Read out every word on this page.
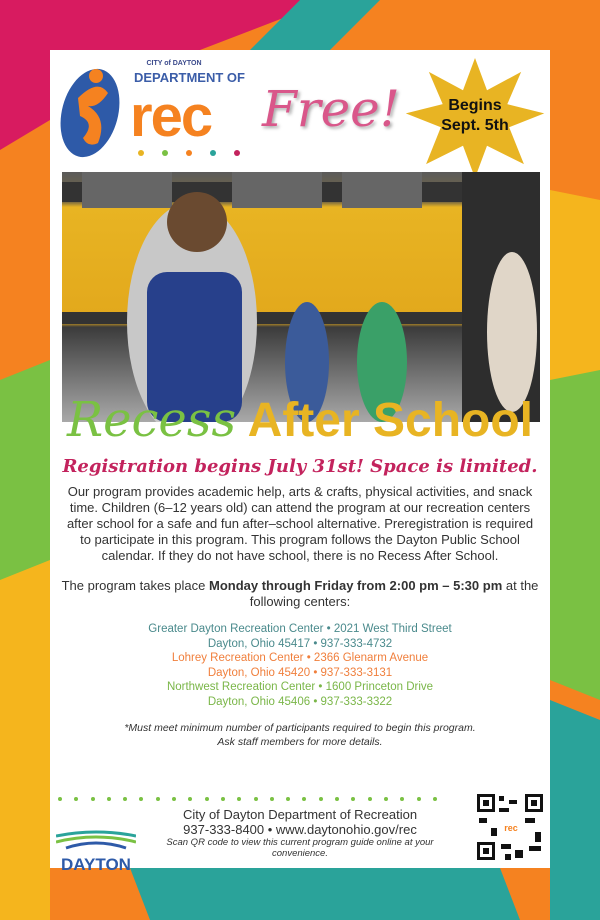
CITY of DAYTON
DEPARTMENT OF
rec Free!	Begins
Sept. 5th
Recess After School
Registration begins July 31st! Space is limited.
Our program provides academic help, arts & crafts, physical activities, and snack time. Children (6–12 years old) can attend the program at our recreation centers after school for a safe and fun after–school alternative. Preregistration is required to participate in this program. This program follows the Dayton Public School calendar. If they do not have school, there is no Recess After School.
The program takes place Monday through Friday from 2:00 pm – 5:30 pm at the following centers:
Greater Dayton Recreation Center • 2021 West Third Street
Dayton, Ohio 45417 • 937-333-4732
Lohrey Recreation Center • 2366 Glenarm Avenue
Dayton, Ohio 45420 • 937-333-3131
Northwest Recreation Center • 1600 Princeton Drive
Dayton, Ohio 45406 • 937-333-3322
*Must meet minimum number of participants required to begin this program.
Ask staff members for more details.
DAYTON
City of Dayton Department of Recreation
937-333-8400 • www.daytonohio.gov/rec
Scan QR code to view this current program guide online at your convenience.
rec
